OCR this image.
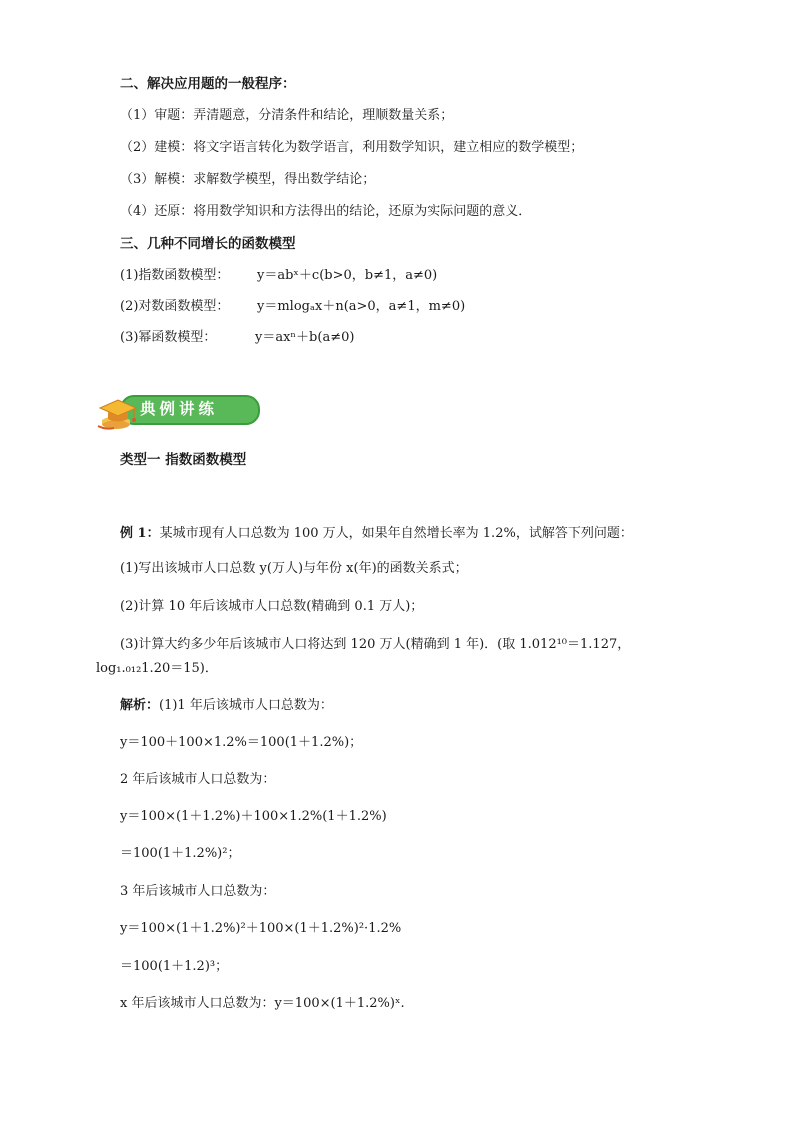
二、解决应用题的一般程序：
（1）审题：弄清题意，分清条件和结论，理顺数量关系；
（2）建模：将文字语言转化为数学语言，利用数学知识，建立相应的数学模型；
（3）解模：求解数学模型，得出数学结论；
（4）还原：将用数学知识和方法得出的结论，还原为实际问题的意义．
三、几种不同增长的函数模型
(1)指数函数模型： y＝abˣ＋c(b>0，b≠1，a≠0)
(2)对数函数模型： y＝mlogₐx＋n(a>0，a≠1，m≠0)
(3)幂函数模型：	y＝axⁿ＋b(a≠0)
典例讲练
类型一 指数函数模型
例 1：某城市现有人口总数为 100 万人，如果年自然增长率为 1.2%，试解答下列问题：
(1)写出该城市人口总数 y(万人)与年份 x(年)的函数关系式；
(2)计算 10 年后该城市人口总数(精确到 0.1 万人)；
(3)计算大约多少年后该城市人口将达到 120 万人(精确到 1 年)．(取 1.012¹⁰＝1.127，
log₁.₀₁₂1.20＝15)．
解析：(1)1 年后该城市人口总数为：
y＝100＋100×1.2%＝100(1＋1.2%)；
2 年后该城市人口总数为：
y＝100×(1＋1.2%)＋100×1.2%(1＋1.2%)
＝100(1＋1.2%)²；
3 年后该城市人口总数为：
y＝100×(1＋1.2%)²＋100×(1＋1.2%)²·1.2%
＝100(1＋1.2)³；
x 年后该城市人口总数为：y＝100×(1＋1.2%)ˣ.
